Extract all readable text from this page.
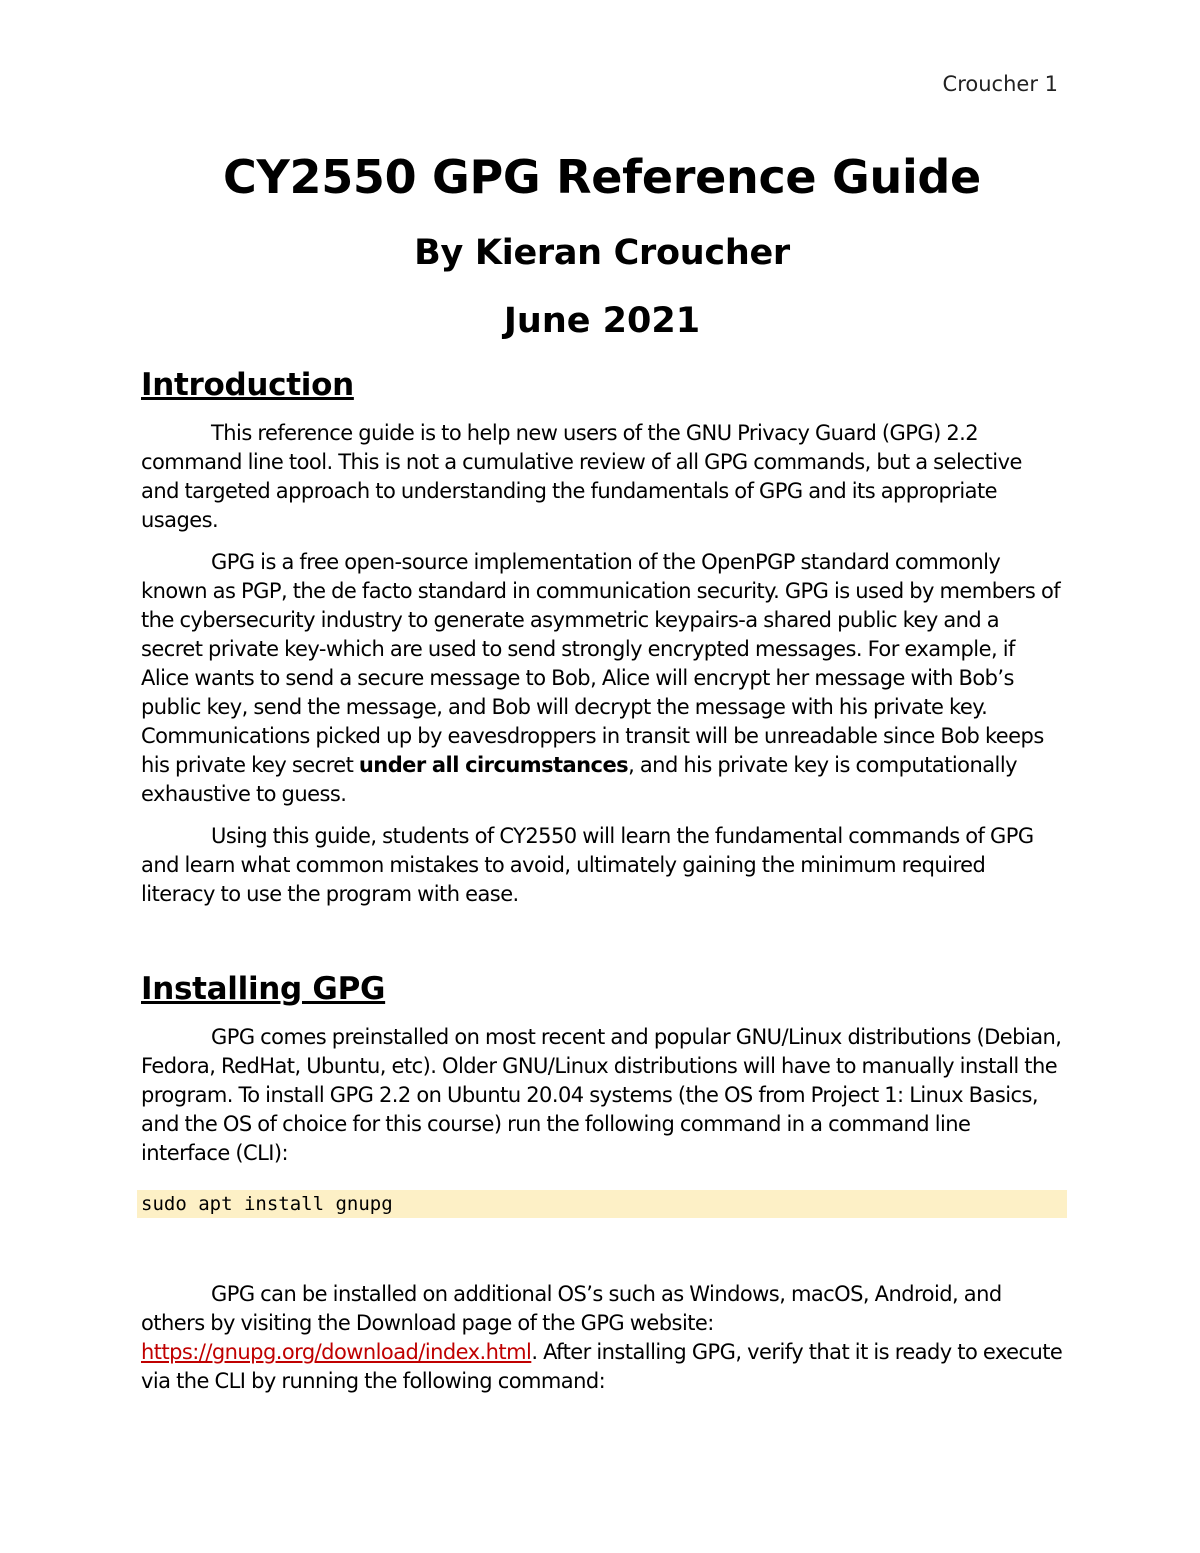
Croucher 1
CY2550 GPG Reference Guide

By Kieran Croucher

June 2021

Introduction

This reference guide is to help new users of the GNU Privacy Guard (GPG) 2.2 command line tool. This is not a cumulative review of all GPG commands, but a selective and targeted approach to understanding the fundamentals of GPG and its appropriate usages.

GPG is a free open-source implementation of the OpenPGP standard commonly known as PGP, the de facto standard in communication security. GPG is used by members of the cybersecurity industry to generate asymmetric keypairs-a shared public key and a secret private key-which are used to send strongly encrypted messages. For example, if Alice wants to send a secure message to Bob, Alice will encrypt her message with Bob’s public key, send the message, and Bob will decrypt the message with his private key. Communications picked up by eavesdroppers in transit will be unreadable since Bob keeps his private key secret under all circumstances, and his private key is computationally exhaustive to guess.

Using this guide, students of CY2550 will learn the fundamental commands of GPG and learn what common mistakes to avoid, ultimately gaining the minimum required literacy to use the program with ease.

Installing GPG

GPG comes preinstalled on most recent and popular GNU/Linux distributions (Debian, Fedora, RedHat, Ubuntu, etc). Older GNU/Linux distributions will have to manually install the program. To install GPG 2.2 on Ubuntu 20.04 systems (the OS from Project 1: Linux Basics, and the OS of choice for this course) run the following command in a command line interface (CLI):

sudo apt install gnupg

GPG can be installed on additional OS’s such as Windows, macOS, Android, and others by visiting the Download page of the GPG website: https://gnupg.org/download/index.html. After installing GPG, verify that it is ready to execute via the CLI by running the following command:
